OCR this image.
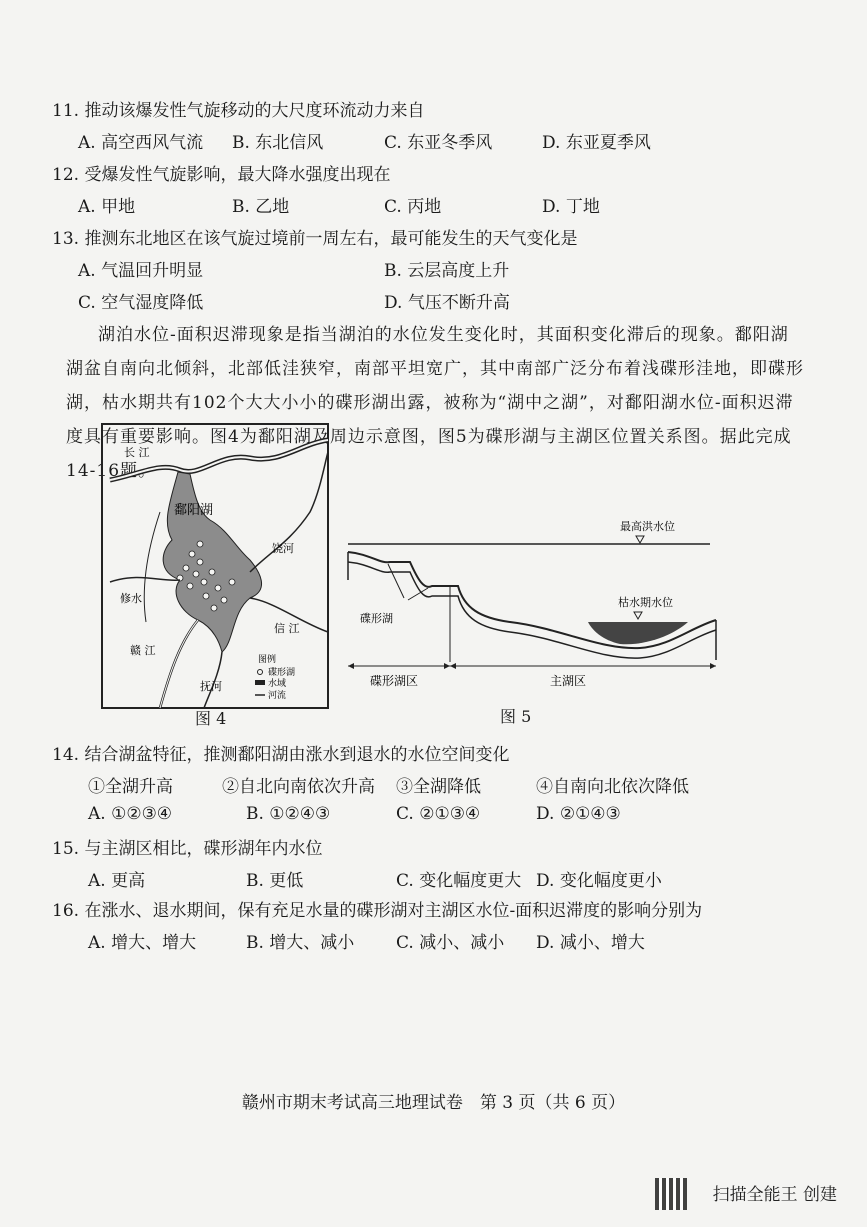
11. 推动该爆发性气旋移动的大尺度环流动力来自
A. 高空西风气流 B. 东北信风	C. 东亚冬季风	D. 东亚夏季风
12. 受爆发性气旋影响，最大降水强度出现在
A. 甲地	B. 乙地	C. 丙地	D. 丁地
13. 推测东北地区在该气旋过境前一周左右，最可能发生的天气变化是
A. 气温回升明显	B. 云层高度上升
C. 空气湿度降低	D. 气压不断升高
湖泊水位-面积迟滞现象是指当湖泊的水位发生变化时，其面积变化滞后的现象。鄱阳湖湖盆自南向北倾斜，北部低洼狭窄，南部平坦宽广，其中南部广泛分布着浅碟形洼地，即碟形湖，枯水期共有102个大大小小的碟形湖出露，被称为“湖中之湖”，对鄱阳湖水位-面积迟滞度具有重要影响。图4为鄱阳湖及周边示意图，图5为碟形湖与主湖区位置关系图。据此完成14-16题。
长 江
鄱阳湖
修水
饶河
信 江
赣 江
抚河
图例
碟形湖
水域
河流
图 4
最高洪水位
枯水期水位
碟形湖
碟形湖区	主湖区
图 5
14. 结合湖盆特征，推测鄱阳湖由涨水到退水的水位空间变化
①全湖升高	②自北向南依次升高 ③全湖降低	④自南向北依次降低
A. ①②③④	B. ①②④③	C. ②①③④	D. ②①④③
15. 与主湖区相比，碟形湖年内水位
A. 更高	B. 更低	C. 变化幅度更大 D. 变化幅度更小
16. 在涨水、退水期间，保有充足水量的碟形湖对主湖区水位-面积迟滞度的影响分别为
A. 增大、增大	B. 增大、减小 C. 减小、减小 D. 减小、增大
赣州市期末考试高三地理试卷　第 3 页（共 6 页）
扫描全能王 创建
